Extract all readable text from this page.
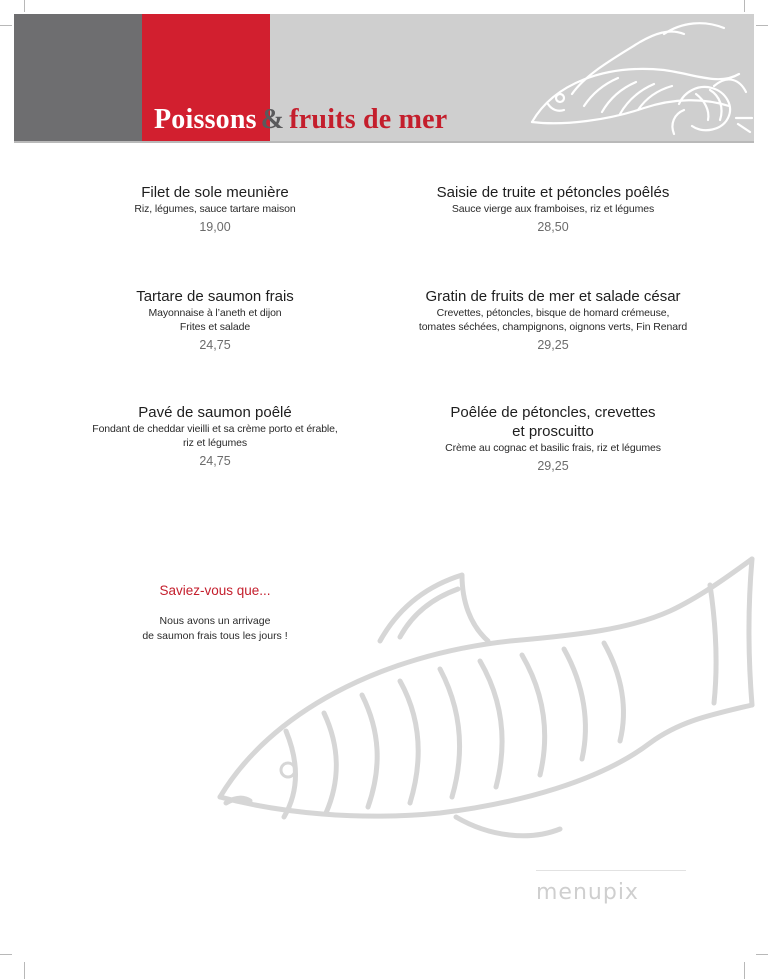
Poissons & fruits de mer
Filet de sole meunière
Riz, légumes, sauce tartare maison
19,00
Tartare de saumon frais
Mayonnaise à l’aneth et dijon
Frites et salade
24,75
Pavé de saumon poêlé
Fondant de cheddar vieilli et sa crème porto et érable,
riz et légumes
24,75
Saisie de truite et pétoncles poêlés
Sauce vierge aux framboises, riz et légumes
28,50
Gratin de fruits de mer et salade césar
Crevettes, pétoncles, bisque de homard crémeuse,
tomates séchées, champignons, oignons verts, Fin Renard
29,25
Poêlée de pétoncles, crevettes
et proscuitto
Crème au cognac et basilic frais, riz et légumes
29,25
Saviez-vous que...
Nous avons un arrivage
de saumon frais tous les jours !
menupix
